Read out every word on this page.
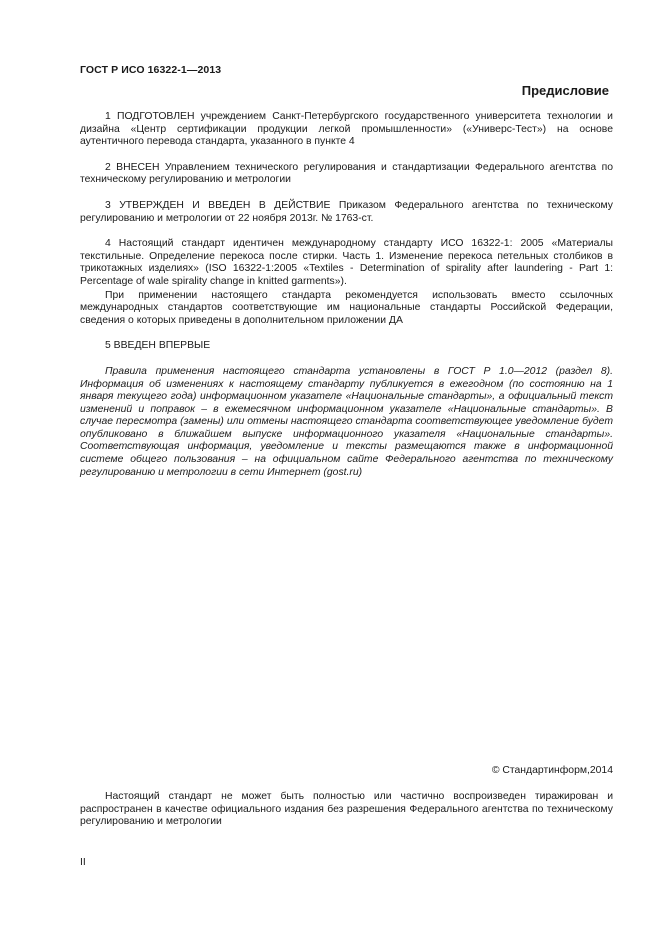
ГОСТ Р ИСО 16322-1—2013
Предисловие

1 ПОДГОТОВЛЕН учреждением Санкт-Петербургского государственного университета технологии и дизайна «Центр сертификации продукции легкой промышленности» («Универс-Тест») на основе аутентичного перевода стандарта, указанного в пункте 4

2 ВНЕСЕН Управлением технического регулирования и стандартизации Федерального агентства по техническому регулированию и метрологии

3 УТВЕРЖДЕН И ВВЕДЕН В ДЕЙСТВИЕ Приказом Федерального агентства по техническому регулированию и метрологии от 22 ноября 2013г. № 1763-ст.

4 Настоящий стандарт идентичен международному стандарту ИСО 16322-1: 2005 «Материалы текстильные. Определение перекоса после стирки. Часть 1. Изменение перекоса петельных столбиков в трикотажных изделиях» (ISO 16322-1:2005 «Textiles - Determination of spirality after laundering - Part 1: Percentage of wale spirality change in knitted garments»).

При применении настоящего стандарта рекомендуется использовать вместо ссылочных международных стандартов соответствующие им национальные стандарты Российской Федерации, сведения о которых приведены в дополнительном приложении ДА

5 ВВЕДЕН ВПЕРВЫЕ

Правила применения настоящего стандарта установлены в ГОСТ Р 1.0—2012 (раздел 8). Информация об изменениях к настоящему стандарту публикуется в ежегодном (по состоянию на 1 января текущего года) информационном указателе «Национальные стандарты», а официальный текст изменений и поправок – в ежемесячном информационном указателе «Национальные стандарты». В случае пересмотра (замены) или отмены настоящего стандарта соответствующее уведомление будет опубликовано в ближайшем выпуске информационного указателя «Национальные стандарты». Соответствующая информация, уведомление и тексты размещаются также в информационной системе общего пользования – на официальном сайте Федерального агентства по техническому регулированию и метрологии в сети Интернет (gost.ru)

© Стандартинформ,2014

Настоящий стандарт не может быть полностью или частично воспроизведен тиражирован и распространен в качестве официального издания без разрешения Федерального агентства по техническому регулированию и метрологии

II
